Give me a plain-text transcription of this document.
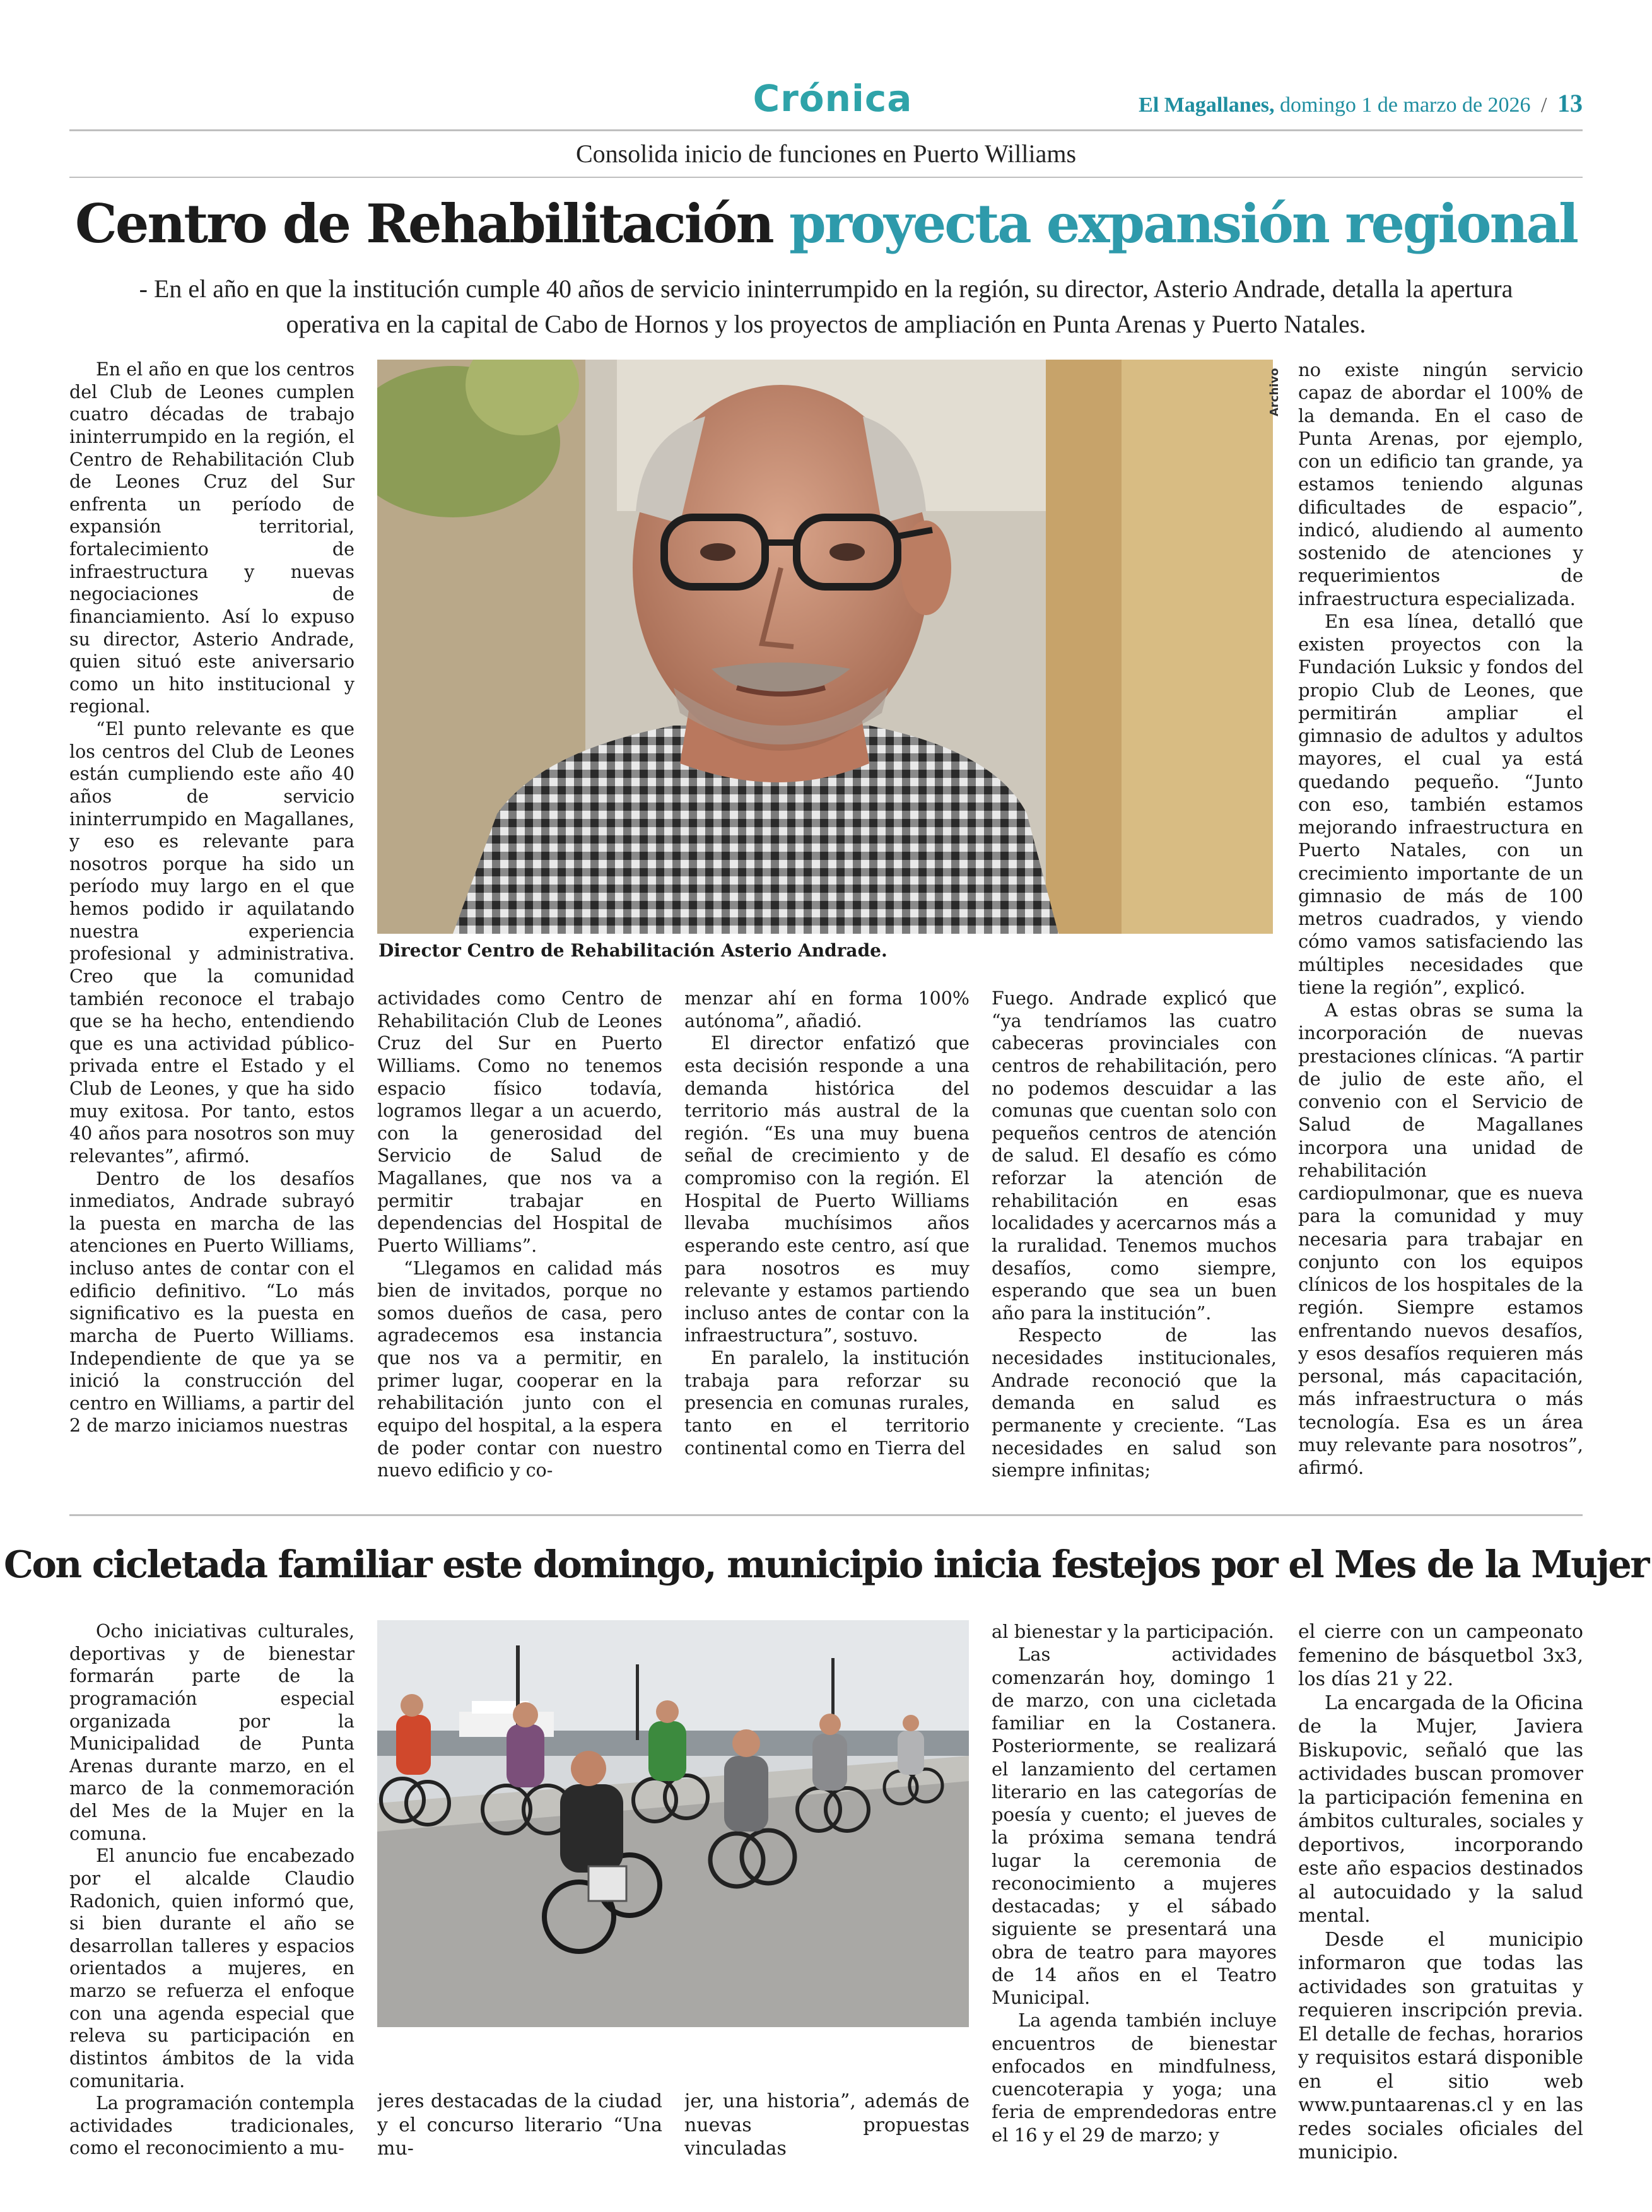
Crónica	El Magallanes, domingo 1 de marzo de 2026 / 13
Consolida inicio de funciones en Puerto Williams
Centro de Rehabilitación proyecta expansión regional
- En el año en que la institución cumple 40 años de servicio ininterrumpido en la región, su director, Asterio Andrade, detalla la apertura operativa en la capital de Cabo de Hornos y los proyectos de ampliación en Punta Arenas y Puerto Natales.

En el año en que los centros del Club de Leones cumplen cuatro décadas de trabajo ininterrumpido en la región, el Centro de Rehabilitación Club de Leones Cruz del Sur enfrenta un período de expansión territorial, fortalecimiento de infraestructura y nuevas negociaciones de financiamiento. Así lo expuso su director, Asterio Andrade, quien situó este aniversario como un hito institucional y regional.

“El punto relevante es que los centros del Club de Leones están cumpliendo este año 40 años de servicio ininterrumpido en Magallanes, y eso es relevante para nosotros porque ha sido un período muy largo en el que hemos podido ir aquilatando nuestra experiencia profesional y administrativa. Creo que la comunidad también reconoce el trabajo que se ha hecho, entendiendo que es una actividad público-privada entre el Estado y el Club de Leones, y que ha sido muy exitosa. Por tanto, estos 40 años para nosotros son muy relevantes”, afirmó.

Dentro de los desafíos inmediatos, Andrade subrayó la puesta en marcha de las atenciones en Puerto Williams, incluso antes de contar con el edificio definitivo. “Lo más significativo es la puesta en marcha de Puerto Williams. Independiente de que ya se inició la construcción del centro en Williams, a partir del 2 de marzo iniciamos nuestras

Archivo
Director Centro de Rehabilitación Asterio Andrade.

actividades como Centro de Rehabilitación Club de Leones Cruz del Sur en Puerto Williams. Como no tenemos espacio físico todavía, logramos llegar a un acuerdo, con la generosidad del Servicio de Salud de Magallanes, que nos va a permitir trabajar en dependencias del Hospital de Puerto Williams”.

“Llegamos en calidad más bien de invitados, porque no somos dueños de casa, pero agradecemos esa instancia que nos va a permitir, en primer lugar, cooperar en la rehabilitación junto con el equipo del hospital, a la espera de poder contar con nuestro nuevo edificio y co-

menzar ahí en forma 100% autónoma”, añadió.

El director enfatizó que esta decisión responde a una demanda histórica del territorio más austral de la región. “Es una muy buena señal de crecimiento y de compromiso con la región. El Hospital de Puerto Williams llevaba muchísimos años esperando este centro, así que para nosotros es muy relevante y estamos partiendo incluso antes de contar con la infraestructura”, sostuvo.

En paralelo, la institución trabaja para reforzar su presencia en comunas rurales, tanto en el territorio continental como en Tierra del

Fuego. Andrade explicó que “ya tendríamos las cuatro cabeceras provinciales con centros de rehabilitación, pero no podemos descuidar a las comunas que cuentan solo con pequeños centros de atención de salud. El desafío es cómo reforzar la atención de rehabilitación en esas localidades y acercarnos más a la ruralidad. Tenemos muchos desafíos, como siempre, esperando que sea un buen año para la institución”.

Respecto de las necesidades institucionales, Andrade reconoció que la demanda en salud es permanente y creciente. “Las necesidades en salud son siempre infinitas;

no existe ningún servicio capaz de abordar el 100% de la demanda. En el caso de Punta Arenas, por ejemplo, con un edificio tan grande, ya estamos teniendo algunas dificultades de espacio”, indicó, aludiendo al aumento sostenido de atenciones y requerimientos de infraestructura especializada.

En esa línea, detalló que existen proyectos con la Fundación Luksic y fondos del propio Club de Leones, que permitirán ampliar el gimnasio de adultos y adultos mayores, el cual ya está quedando pequeño. “Junto con eso, también estamos mejorando infraestructura en Puerto Natales, con un crecimiento importante de un gimnasio de más de 100 metros cuadrados, y viendo cómo vamos satisfaciendo las múltiples necesidades que tiene la región”, explicó.

A estas obras se suma la incorporación de nuevas prestaciones clínicas. “A partir de julio de este año, el convenio con el Servicio de Salud de Magallanes incorpora una unidad de rehabilitación cardiopulmonar, que es nueva para la comunidad y muy necesaria para trabajar en conjunto con los equipos clínicos de los hospitales de la región. Siempre estamos enfrentando nuevos desafíos, y esos desafíos requieren más personal, más capacitación, más infraestructura o más tecnología. Esa es un área muy relevante para nosotros”, afirmó.

Con cicletada familiar este domingo, municipio inicia festejos por el Mes de la Mujer

Ocho iniciativas culturales, deportivas y de bienestar formarán parte de la programación especial organizada por la Municipalidad de Punta Arenas durante marzo, en el marco de la conmemoración del Mes de la Mujer en la comuna.

El anuncio fue encabezado por el alcalde Claudio Radonich, quien informó que, si bien durante el año se desarrollan talleres y espacios orientados a mujeres, en marzo se refuerza el enfoque con una agenda especial que releva su participación en distintos ámbitos de la vida comunitaria.

La programación contempla actividades tradicionales, como el reconocimiento a mu-

jeres destacadas de la ciudad y el concurso literario “Una mu-

jer, una historia”, además de nuevas propuestas vinculadas

al bienestar y la participación.

Las actividades comenzarán hoy, domingo 1 de marzo, con una cicletada familiar en la Costanera. Posteriormente, se realizará el lanzamiento del certamen literario en las categorías de poesía y cuento; el jueves de la próxima semana tendrá lugar la ceremonia de reconocimiento a mujeres destacadas; y el sábado siguiente se presentará una obra de teatro para mayores de 14 años en el Teatro Municipal.

La agenda también incluye encuentros de bienestar enfocados en mindfulness, cuencoterapia y yoga; una feria de emprendedoras entre el 16 y el 29 de marzo; y

el cierre con un campeonato femenino de básquetbol 3x3, los días 21 y 22.

La encargada de la Oficina de la Mujer, Javiera Biskupovic, señaló que las actividades buscan promover la participación femenina en ámbitos culturales, sociales y deportivos, incorporando este año espacios destinados al autocuidado y la salud mental.

Desde el municipio informaron que todas las actividades son gratuitas y requieren inscripción previa. El detalle de fechas, horarios y requisitos estará disponible en el sitio web www.puntaarenas.cl y en las redes sociales oficiales del municipio.
